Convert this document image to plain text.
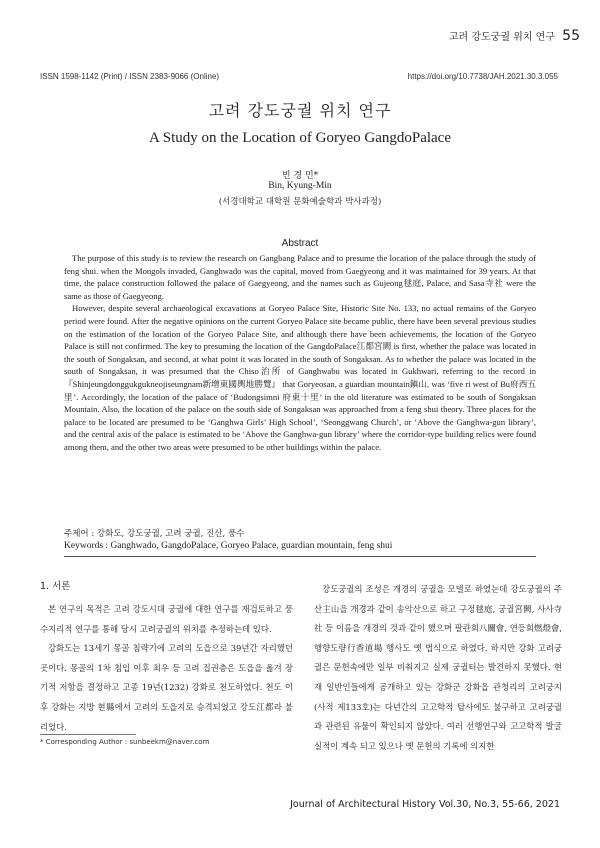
고려 강도궁궐 위치 연구 55
ISSN 1598-1142 (Print) / ISSN 2383-9066 (Online)	https://doi.org/10.7738/JAH.2021.30.3.055
고려 강도궁궐 위치 연구
A Study on the Location of Goryeo GangdoPalace
빈 경 민*
Bin, Kyung-Min
(서경대학교 대학원 문화예술학과 박사과정)
Abstract

The purpose of this study is to review the research on Gangbang Palace and to presume the location of the palace through the study of feng shui. when the Mongols invaded, Ganghwado was the capital, moved from Gaegyeong and it was maintained for 39 years. At that time, the palace construction followed the palace of Gaegyeong, and the names such as Gujeong毬庭, Palace, and Sasa寺社 were the same as those of Gaegyeong.

However, despite several archaeological excavations at Goryeo Palace Site, Historic Site No. 133, no actual remains of the Goryeo period were found. After the negative opinions on the current Goryeo Palace site became public, there have been several previous studies on the estimation of the location of the Goryeo Palace Site, and although there have been achievements, the location of the Goryeo Palace is still not confirmed. The key to presuming the location of the GangdoPalace江都宮闕 is first, whether the palace was located in the south of Songaksan, and second, at what point it was located in the south of Songaksan. As to whether the palace was located in the south of Songaksan, it was presumed that the Chiso治所 of Ganghwabu was located in Gukhwari, referring to the record in 『Shinjeungdonggukgukneojiseungnam新增東國輿地勝覽』 that Goryeosan, a guardian mountain鎭山, was ‘five ri west of Bu府西五里’. Accordingly, the location of the palace of ‘Budongsimni 府東十里’ in the old literature was estimated to be south of Songaksan Mountain. Also, the location of the palace on the south side of Songaksan was approached from a feng shui theory. Three places for the palace to be located are presumed to be ‘Ganghwa Girls’ High School’, ‘Seonggwang Church’, or ‘Above the Ganghwa-gun library’, and the central axis of the palace is estimated to be ‘Above the Ganghwa-gun library’ where the corridor-type building relics were found among them, and the other two areas were presumed to be other buildings within the palace.

주제어 : 강화도, 강도궁궐, 고려 궁궐, 진산, 풍수
Keywords : Ganghwado, GangdoPalace, Goryeo Palace, guardian mountain, feng shui
1. 서론

본 연구의 목적은 고려 강도시대 궁궐에 대한 연구를 재검토하고 풍수지리적 연구를 통해 당시 고려궁궐의 위치를 추정하는데 있다.

강화도는 13세기 몽골 침략기에 고려의 도읍으로 39년간 자리했던 곳이다. 몽골의 1차 침입 이후 최우 등 고려 집권층은 도읍을 옮겨 장기적 저항을 결정하고 고종 19년(1232) 강화로 천도하였다. 천도 이후 강화는 지방 현縣에서 고려의 도읍지로 승격되었고 강도江都라 불리었다.

강도궁궐의 조성은 개경의 궁궐을 모델로 하였는데 강도궁궐의 주산主山을 개경과 같이 송악산으로 하고 구정毬庭, 궁궐宮闕, 사사寺社 등 이름을 개경의 것과 같이 했으며 팔관회八關會, 연등회燃燈會, 행향도량行香道場 행사도 옛 법식으로 하였다. 하지만 강화 고려궁궐은 문헌속에만 일부 비춰지고 실제 궁궐터는 발견하지 못했다. 현재 일반인들에게 공개하고 있는 강화군 강화읍 관청리의 고려궁지(사적 제133호)는 다년간의 고고학적 탐사에도 불구하고 고려궁궐과 관련된 유물이 확인되지 않았다. 여러 선행연구와 고고학적 발굴 실적이 계속 되고 있으나 옛 문헌의 기록에 의지한

* Corresponding Author : sunbeekm@naver.com
Journal of Architectural History Vol.30, No.3, 55-66, 2021
